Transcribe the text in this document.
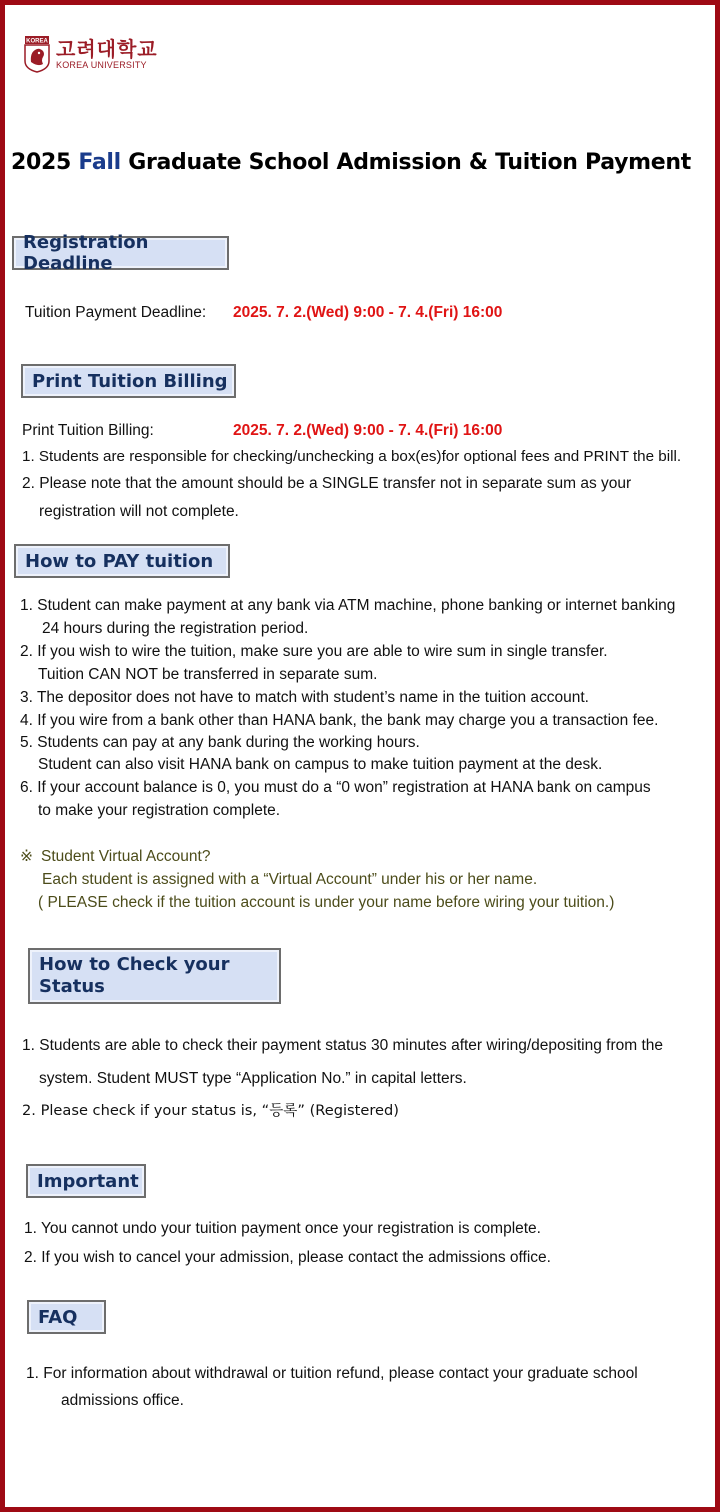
KOREA 고려대학교
KOREA UNIVERSITY
2025 Fall Graduate School Admission & Tuition Payment
Registration Deadline
Tuition Payment Deadline: 2025. 7. 2.(Wed) 9:00 - 7. 4.(Fri) 16:00
Print Tuition Billing
Print Tuition Billing:	2025. 7. 2.(Wed) 9:00 - 7. 4.(Fri) 16:00
1. Students are responsible for checking/unchecking a box(es)for optional fees and PRINT the bill.
2. Please note that the amount should be a SINGLE transfer not in separate sum as your
registration will not complete.
How to PAY tuition
1. Student can make payment at any bank via ATM machine, phone banking or internet banking
24 hours during the registration period.
2. If you wish to wire the tuition, make sure you are able to wire sum in single transfer.
Tuition CAN NOT be transferred in separate sum.
3. The depositor does not have to match with student’s name in the tuition account.
4. If you wire from a bank other than HANA bank, the bank may charge you a transaction fee.
5. Students can pay at any bank during the working hours.
Student can also visit HANA bank on campus to make tuition payment at the desk.
6. If your account balance is 0, you must do a “0 won” registration at HANA bank on campus
to make your registration complete.
※ Student Virtual Account?
Each student is assigned with a “Virtual Account” under his or her name.
( PLEASE check if the tuition account is under your name before wiring your tuition.)
How to Check your
Status
1. Students are able to check their payment status 30 minutes after wiring/depositing from the
system. Student MUST type “Application No.” in capital letters.
2. Please check if your status is, “등록” (Registered)
Important
1. You cannot undo your tuition payment once your registration is complete.
2. If you wish to cancel your admission, please contact the admissions office.
FAQ
1. For information about withdrawal or tuition refund, please contact your graduate school
admissions office.
